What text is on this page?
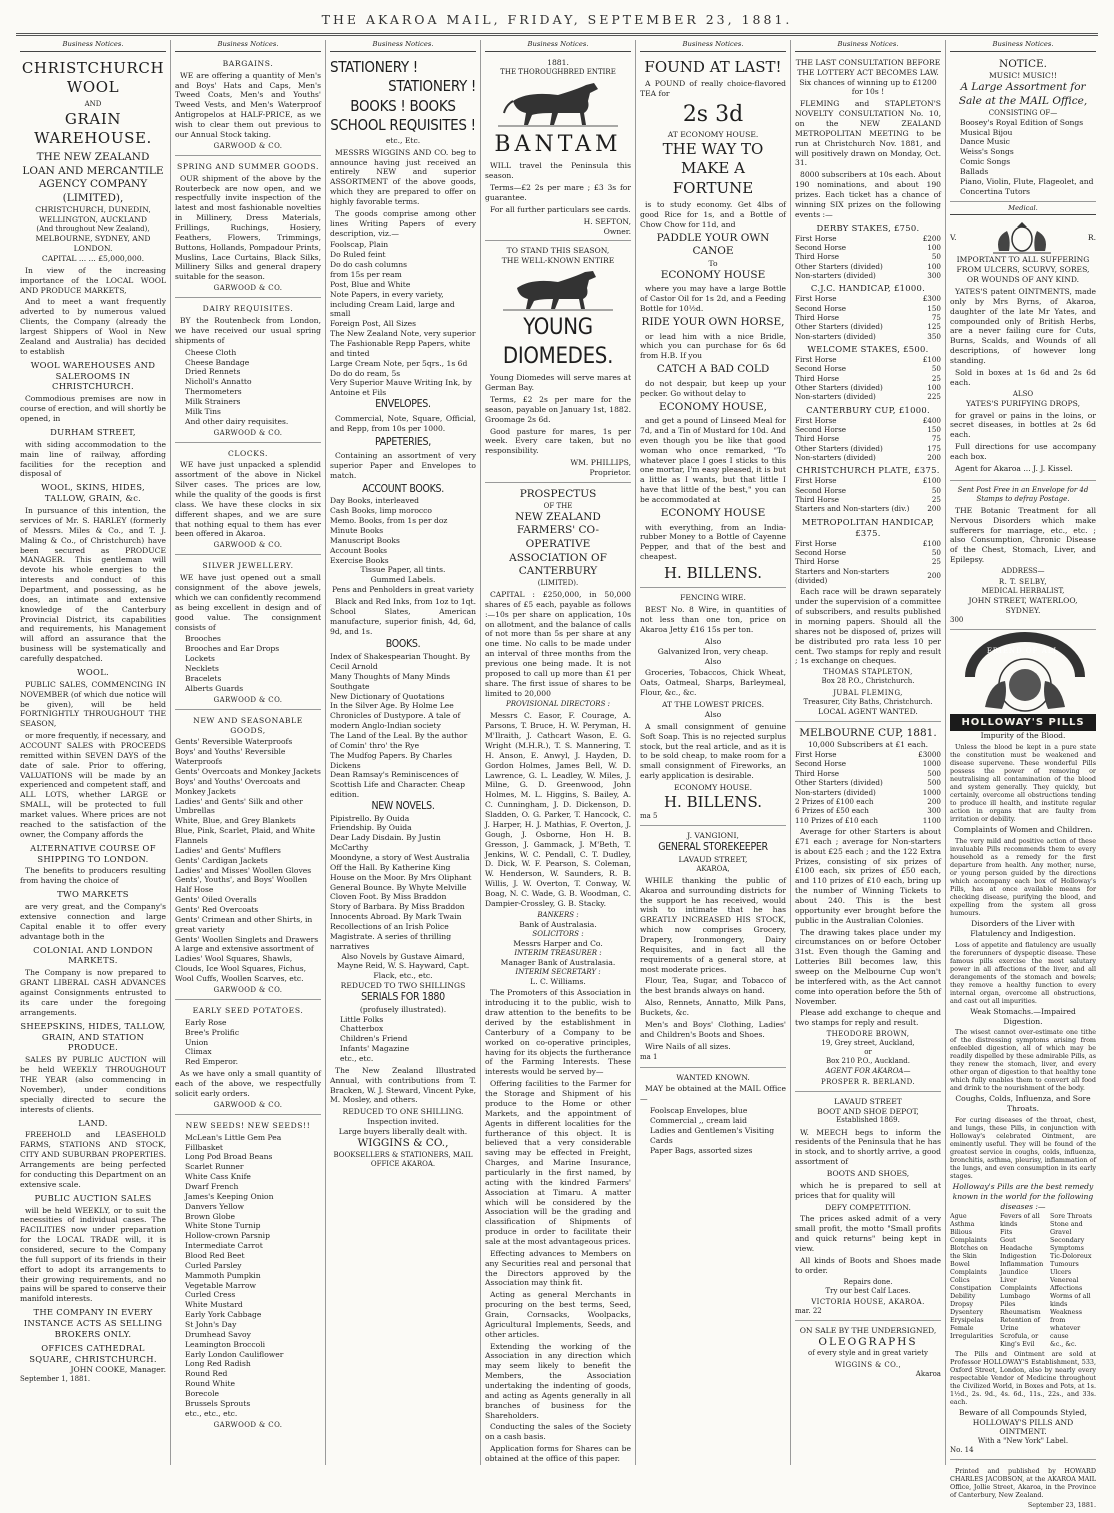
THE AKAROA MAIL, FRIDAY, SEPTEMBER 23, 1881.
Business Notices.
CHRISTCHURCH WOOL
AND
GRAIN WAREHOUSE.
THE NEW ZEALAND LOAN AND MERCANTILE AGENCY COMPANY (LIMITED),
CHRISTCHURCH, DUNEDIN, WELLINGTON, AUCKLAND
(And throughout New Zealand),
MELBOURNE, SYDNEY, AND LONDON.
CAPITAL ... ... £5,000,000.
In view of the increasing importance of the LOCAL WOOL AND PRODUCE MARKETS,
And to meet a want frequently adverted to by numerous valued Clients, the Company (already the largest Shippers of Wool in New Zealand and Australia) has decided to establish
WOOL WAREHOUSES AND SALEROOMS IN CHRISTCHURCH.
Commodious premises are now in course of erection, and will shortly be opened, in
DURHAM STREET,
with siding accommodation to the main line of railway, affording facilities for the reception and disposal of
WOOL, SKINS, HIDES, TALLOW, GRAIN, &c.
In pursuance of this intention, the services of Mr. S. HARLEY (formerly of Messrs. Miles & Co., and T. J. Maling & Co., of Christchurch) have been secured as PRODUCE MANAGER. This gentleman will devote his whole energies to the interests and conduct of this Department, and possessing, as he does, an intimate and extensive knowledge of the Canterbury Provincial District, its capabilities and requirements, his Management will afford an assurance that the business will be systematically and carefully despatched.
WOOL.
PUBLIC SALES, COMMENCING IN NOVEMBER (of which due notice will be given), will be held FORTNIGHTLY THROUGHOUT THE SEASON,
or more frequently, if necessary, and ACCOUNT SALES with PROCEEDS remitted within SEVEN DAYS of the date of sale. Prior to offering, VALUATIONS will be made by an experienced and competent staff, and ALL LOTS, whether LARGE or SMALL, will be protected to full market values. Where prices are not reached to the satisfaction of the owner, the Company affords the
ALTERNATIVE COURSE OF SHIPPING TO LONDON.
The benefits to producers resulting from having the choice of
TWO MARKETS
are very great, and the Company's extensive connection and large Capital enable it to offer every advantage both in the
COLONIAL AND LONDON MARKETS.
The Company is now prepared to GRANT LIBERAL CASH ADVANCES against Consignments entrusted to its care under the foregoing arrangements.
SHEEPSKINS, HIDES, TALLOW, GRAIN, AND STATION PRODUCE.
SALES BY PUBLIC AUCTION will be held WEEKLY THROUGHOUT THE YEAR (also commencing in November), under conditions specially directed to secure the interests of clients.
LAND.
FREEHOLD and LEASEHOLD FARMS, STATIONS AND STOCK, CITY AND SUBURBAN PROPERTIES. Arrangements are being perfected for conducting this Department on an extensive scale.
PUBLIC AUCTION SALES
will be held WEEKLY, or to suit the necessities of individual cases. The FACILITIES now under preparation for the LOCAL TRADE will, it is considered, secure to the Company the full support of its friends in their effort to adopt its arrangements to their growing requirements, and no pains will be spared to conserve their manifold interests.
THE COMPANY IN EVERY INSTANCE ACTS AS SELLING BROKERS ONLY.
OFFICES CATHEDRAL SQUARE, CHRISTCHURCH.
JOHN COOKE, Manager.
September 1, 1881.
Business Notices.
BARGAINS.
WE are offering a quantity of Men's and Boys' Hats and Caps, Men's Tweed Coats, Men's and Youths' Tweed Vests, and Men's Waterproof Antigropelos at HALF-PRICE, as we wish to clear them out previous to our Annual Stock taking.
GARWOOD & CO.
SPRING AND SUMMER GOODS.
OUR shipment of the above by the Routerbeck are now open, and we respectfully invite inspection of the latest and most fashionable novelties in Millinery, Dress Materials, Frillings, Ruchings, Hosiery, Feathers, Flowers, Trimmings, Buttons, Hollands, Pompadour Prints, Muslins, Lace Curtains, Black Silks, Millinery Silks and general drapery suitable for the season.
GARWOOD & CO.
DAIRY REQUISITES.
BY the Routenbeck from London, we have received our usual spring shipments of
Cheese Cloth
Cheese Bandage
Dried Rennets
Nicholl's Annatto
Thermometers
Milk Strainers
Milk Tins
And other dairy requisites.
GARWOOD & CO.
CLOCKS.
WE have just unpacked a splendid assortment of the above in Nickel Silver cases. The prices are low, while the quality of the goods is first class. We have these clocks in six different shapes, and we are sure that nothing equal to them has ever been offered in Akaroa.
GARWOOD & CO.
SILVER JEWELLERY.
WE have just opened out a small consignment of the above jewels, which we can confidently recommend as being excellent in design and of good value. The consignment consists of
Brooches
Brooches and Ear Drops
Lockets
Necklets
Bracelets
Alberts Guards
GARWOOD & CO.
NEW AND SEASONABLE GOODS,
Gents' Reversible Waterproofs
Boys' and Youths' Reversible Waterproofs
Gents' Overcoats and Monkey Jackets
Boys' and Youths' Overcoats and Monkey Jackets
Ladies' and Gents' Silk and other Umbrellas
White, Blue, and Grey Blankets
Blue, Pink, Scarlet, Plaid, and White Flannels
Ladies' and Gents' Mufflers
Gents' Cardigan Jackets
Ladies' and Misses' Woollen Gloves
Gents', Youths', and Boys' Woollen Half Hose
Gents' Oiled Overalls
Gents' Red Overcoats
Gents' Crimean and other Shirts, in great variety
Gents' Woollen Singlets and Drawers
A large and extensive assortment of Ladies' Wool Squares, Shawls, Clouds, Ice Wool Squares, Fichus, Wool Cuffs, Woollen Scarves, etc.
GARWOOD & CO.
EARLY SEED POTATOES.
Early Rose
Bree's Prolific
Union
Climax
Red Emperor.
As we have only a small quantity of each of the above, we respectfully solicit early orders.
GARWOOD & CO.
NEW SEEDS! NEW SEEDS!!
McLean's Little Gem Pea
Fillbasket
Long Pod Broad Beans
Scarlet Runner
White Cass Knife
Dwarf French
James's Keeping Onion
Danvers Yellow
Brown Globe
White Stone Turnip
Hollow-crown Parsnip
Intermediate Carrot
Blood Red Beet
Curled Parsley
Mammoth Pumpkin
Vegetable Marrow
Curled Cress
White Mustard
Early York Cabbage
St John's Day
Drumhead Savoy
Leamington Broccoli
Early London Cauliflower
Long Red Radish
Round Red
Round White
Borecole
Brussels Sprouts
etc., etc., etc.
GARWOOD & CO.
Business Notices.
STATIONERY !
STATIONERY !
BOOKS ! BOOKS
SCHOOL REQUISITES !
etc., Etc.
MESSRS WIGGINS AND CO. beg to announce having just received an entirely NEW and superior ASSORTMENT of the above goods, which they are prepared to offer on highly favorable terms.
The goods comprise among other lines Writing Papers of every description, viz.—
Foolscap, Plain
Do Ruled feint
Do do cash columns
from 15s per ream
Post, Blue and White
Note Papers, in every variety, including Cream Laid, large and small
Foreign Post, All Sizes
The New Zealand Note, very superior
The Fashionable Repp Papers, white and tinted
Large Cream Note, per 5qrs., 1s 6d
Do do do ream, 5s
Very Superior Mauve Writing Ink, by Antoine et Fils
ENVELOPES.
Commercial, Note, Square, Official, and Repp, from 10s per 1000.
PAPETERIES,
Containing an assortment of very superior Paper and Envelopes to match.
ACCOUNT BOOKS.
Day Books, interleaved
Cash Books, limp morocco
Memo. Books, from 1s per doz
Minute Books
Manuscript Books
Account Books
Exercise Books
Tissue Paper, all tints.
Gummed Labels.
Pens and Penholders in great variety
Black and Red Inks, from 1oz to 1qt. School Slates, American manufacture, superior finish, 4d, 6d, 9d, and 1s.
BOOKS.
Index of Shakespearian Thought. By Cecil Arnold
Many Thoughts of Many Minds Southgate
New Dictionary of Quotations
In the Silver Age. By Holme Lee
Chronicles of Dustypore. A tale of modern Anglo-Indian society
The Land of the Leal. By the author of Comin' thro' the Rye
The Mudfog Papers. By Charles Dickens
Dean Ramsay's Reminiscences of Scottish Life and Character. Cheap edition.
NEW NOVELS.
Pipistrello. By Ouida
Friendship. By Ouida
Dear Lady Disdain. By Justin McCarthy
Moondyne, a story of West Australia
Off the Hall. By Katherine King
House on the Moor. By Mrs Oliphant
General Bounce. By Whyte Melville
Cloven Foot. By Miss Braddon
Story of Barbara. By Miss Braddon
Innocents Abroad. By Mark Twain
Recollections of an Irish Police Magistrate. A series of thrilling narratives
Also Novels by Gustave Aimard, Mayne Reid, W. S. Hayward, Capt. Flack, etc., etc.
REDUCED TO TWO SHILLINGS
SERIALS FOR 1880
(profusely illustrated).
Little Folks
Chatterbox
Children's Friend
Infants' Magazine
etc., etc.
The New Zealand Illustrated Annual, with contributions from T. Bracken, W. J. Steward, Vincent Pyke, M. Mosley, and others.
REDUCED TO ONE SHILLING.
Inspection invited.
Large buyers liberally dealt with.
WIGGINS & CO.,
BOOKSELLERS & STATIONERS, MAIL OFFICE AKAROA.
Business Notices.
1881.
THE THOROUGHBRED ENTIRE
BANTAM
WILL travel the Peninsula this season.
Terms—£2 2s per mare ; £3 3s for guarantee.
For all further particulars see cards.
H. SEFTON,
Owner.
TO STAND THIS SEASON,
THE WELL-KNOWN ENTIRE
YOUNG DIOMEDES.
Young Diomedes will serve mares at German Bay.
Terms, £2 2s per mare for the season, payable on January 1st, 1882. Groomage 2s 6d.
Good pasture for mares, 1s per week. Every care taken, but no responsibility.
WM. PHILLIPS,
Proprietor.
PROSPECTUS
OF THE
NEW ZEALAND FARMERS' CO-OPERATIVE ASSOCIATION OF CANTERBURY
(LIMITED).
CAPITAL : £250,000, in 50,000 shares of £5 each, payable as follows :—10s per share on application, 10s on allotment, and the balance of calls of not more than 5s per share at any one time. No calls to be made under an interval of three months from the previous one being made. It is not proposed to call up more than £1 per share. The first issue of shares to be limited to 20,000
PROVISIONAL DIRECTORS :
Messrs C. Easor, F. Courage, A. Parsons, T. Bruce, H. W. Peryman, H. M'Ilraith, J. Cathcart Wason, E. G. Wright (M.H.R.), T. S. Mannering, T. H. Anson, E. Anwyl, J. Hayden, D. Gordon Holmes, James Bell, W. D. Lawrence, G. L. Leadley, W. Miles, J. Milne, G. D. Greenwood, John Holmes, M. L. Higgins, S. Bailey, A. C. Cunningham, J. D. Dickenson, D. Sladden, O. G. Parker, T. Hancock, C. J. Harper, H. J. Mathias, F. Overton, J. Gough, J. Osborne, Hon H. B. Gresson, J. Gammack, J. M'Beth, T. Jenkins, W. C. Pendall, C. T. Dudley, D. Dick, W. F. Pearson, S. Coleman, W. Henderson, W. Saunders, R. B. Willis, J. W. Overton, T. Conway, W. Boag, N. C. Wade, G. B. Woodman, C. Dampier-Crossley, G. B. Stacky.
BANKERS :
Bank of Australasia.
SOLICITORS :
Messrs Harper and Co.
INTERIM TREASURER :
Manager Bank of Australasia.
INTERIM SECRETARY :
L. C. Williams.
The Promoters of this Association in introducing it to the public, wish to draw attention to the benefits to be derived by the establishment in Canterbury of a Company to be worked on co-operative principles, having for its objects the furtherance of the Farming Interests. These interests would be served by—
Offering facilities to the Farmer for the Storage and Shipment of his produce to the Home or other Markets, and the appointment of Agents in different localities for the furtherance of this object. It is believed that a very considerable saving may be effected in Freight, Charges, and Marine Insurance, particularly in the first named, by acting with the kindred Farmers' Association at Timaru. A matter which will be considered by the Association will be the grading and classification of Shipments of produce in order to facilitate their sale at the most advantageous prices.
Effecting advances to Members on any Securities real and personal that the Directors approved by the Association may think fit.
Acting as general Merchants in procuring on the best terms, Seed, Grain, Cornsacks, Woolpacks, Agricultural Implements, Seeds, and other articles.
Extending the working of the Association in any direction which may seem likely to benefit the Members, the Association undertaking the indenting of goods, and acting as Agents generally in all branches of business for the Shareholders.
Conducting the sales of the Society on a cash basis.
Application forms for Shares can be obtained at the office of this paper.
Business Notices.
FOUND AT LAST!
A POUND of really choice-flavored TEA for
2s 3d
AT ECONOMY HOUSE.
THE WAY TO MAKE A FORTUNE
is to study economy. Get 4lbs of good Rice for 1s, and a Bottle of Chow Chow for 11d, and
PADDLE YOUR OWN CANOE
To
ECONOMY HOUSE
where you may have a large Bottle of Castor Oil for 1s 2d, and a Feeding Bottle for 10½d.
RIDE YOUR OWN HORSE,
or lead him with a nice Bridle, which you can purchase for 6s 6d from H.B. If you
CATCH A BAD COLD
do not despair, but keep up your pecker. Go without delay to
ECONOMY HOUSE,
and get a pound of Linseed Meal for 7d, and a Tin of Mustard for 10d. And even though you be like that good woman who once remarked, "To whatever place I goes I sticks to this one mortar, I'm easy pleased, it is but a little as I wants, but that little I have that little of the best," you can be accommodated at
ECONOMY HOUSE
with everything, from an India-rubber Money to a Bottle of Cayenne Pepper, and that of the best and cheapest.
H. BILLENS.
FENCING WIRE.
BEST No. 8 Wire, in quantities of not less than one ton, price on Akaroa Jetty £16 15s per ton.
Also
Galvanized Iron, very cheap.
Also
Groceries, Tobaccos, Chick Wheat, Oats, Oatmeal, Sharps, Barleymeal, Flour, &c., &c.
AT THE LOWEST PRICES.
Also
A small consignment of genuine Soft Soap. This is no rejected surplus stock, but the real article, and as it is to be sold cheap, to make room for a small consignment of Fireworks, an early application is desirable.
ECONOMY HOUSE.
H. BILLENS.
ma 5
J. VANGIONI,
GENERAL STOREKEEPER
LAVAUD STREET,
AKAROA,
WHILE thanking the public of Akaroa and surrounding districts for the support he has received, would wish to intimate that he has GREATLY INCREASED HIS STOCK, which now comprises Grocery, Drapery, Ironmongery, Dairy Requisites, and in fact all the requirements of a general store, at most moderate prices.
Flour, Tea, Sugar, and Tobacco of the best brands always on hand.
Also, Rennets, Annatto, Milk Pans, Buckets, &c.
Men's and Boys' Clothing, Ladies' and Children's Boots and Shoes.
Wire Nails of all sizes.
ma 1
WANTED KNOWN.
MAY be obtained at the MAIL Office—
Foolscap Envelopes, blue
Commercial ,, cream laid
Ladies and Gentlemen's Visiting Cards
Paper Bags, assorted sizes
Business Notices.
THE LAST CONSULTATION BEFORE THE LOTTERY ACT BECOMES LAW.
Six chances of winning up to £1200 for 10s !
FLEMING and STAPLETON'S NOVELTY CONSULTATION No. 10, on the NEW ZEALAND METROPOLITAN MEETING to be run at Christchurch Nov. 1881, and will positively drawn on Monday, Oct. 31.
8000 subscribers at 10s each. About 190 nominations, and about 190 prizes. Each ticket has a chance of winning SIX prizes on the following events :—
DERBY STAKES, £750.
First Horse	£200
Second Horse	100
Third Horse	50
Other Starters (divided)	100
Non-starters (divided)	300
C.J.C. HANDICAP, £1000.
First Horse	£300
Second Horse	150
Third Horse	75
Other Starters (divided)	125
Non-starters (divided)	350
WELCOME STAKES, £500.
First Horse	£100
Second Horse	50
Third Horse	25
Other Starters (divided)	100
Non-starters (divided)	225
CANTERBURY CUP, £1000.
First Horse	£400
Second Horse	150
Third Horse	75
Other Starters (divided)	175
Non-starters (divided)	200
CHRISTCHURCH PLATE, £375.
First Horse	£100
Second Horse	50
Third Horse	25
Starters and Non-starters (div.)	200
METROPOLITAN HANDICAP, £375.
First Horse	£100
Second Horse	50
Third Horse	25
Starters and Non-starters (divided)	200
Each race will be drawn separately under the supervision of a committee of subscribers, and results published in morning papers. Should all the shares not be disposed of, prizes will be distributed pro rata less 10 per cent. Two stamps for reply and result ; 1s exchange on cheques.
THOMAS STAPLETON,
Box 28 P.O., Christchurch.
JUBAL FLEMING,
Treasurer, City Baths, Christchurch.
LOCAL AGENT WANTED.
MELBOURNE CUP, 1881.
10,000 Subscribers at £1 each.
First Horse	£3000
Second Horse	1000
Third Horse	500
Other Starters (divided)	500
Non-starters (divided)	1000
2 Prizes of £100 each	200
6 Prizes of £50 each	300
110 Prizes of £10 each	1100
Average for other Starters is about £71 each ; average for Non-starters is about £25 each ; and the 122 Extra Prizes, consisting of six prizes of £100 each, six prizes of £50 each, and 110 prizes of £10 each, bring up the number of Winning Tickets to about 240. This is the best opportunity ever brought before the public in the Australian Colonies.
The drawing takes place under my circumstances on or before October 31st. Even though the Gaming and Lotteries Bill becomes law, this sweep on the Melbourne Cup won't be interfered with, as the Act cannot come into operation before the 5th of November.
Please add exchange to cheque and two stamps for reply and result.
THEODORE BROWN,
19, Grey street, Auckland,
or
Box 210 P.O., Auckland.
AGENT FOR AKAROA—
PROSPER R. BERLAND.
LAVAUD STREET
BOOT AND SHOE DEPOT,
Established 1869.
W. MEECH begs to inform the residents of the Peninsula that he has in stock, and to shortly arrive, a good assortment of
BOOTS AND SHOES,
which he is prepared to sell at prices that for quality will
DEFY COMPETITION.
The prices asked admit of a very small profit, the motto "Small profits and quick returns" being kept in view.
All kinds of Boots and Shoes made to order.
Repairs done.
Try our best Calf Laces.
VICTORIA HOUSE, AKAROA.
mar. 22
ON SALE BY THE UNDERSIGNED,
OLEOGRAPHS
of every style and in great variety
WIGGINS & CO.,
Akaroa
Business Notices.
NOTICE.
MUSIC! MUSIC!!
A Large Assortment for Sale at the MAIL Office,
CONSISTING OF—
Boosey's Royal Edition of Songs
Musical Bijou
Dance Music
Weiss's Songs
Comic Songs
Ballads
Piano, Violin, Flute, Flageolet, and Concertina Tutors
Medical.
V.	R.
IMPORTANT TO ALL SUFFERING FROM ULCERS, SCURVY, SORES, OR WOUNDS OF ANY KIND.
YATES'S patent OINTMENTS, made only by Mrs Byrns, of Akaroa, daughter of the late Mr Yates, and compounded only of British Herbs, are a never failing cure for Cuts, Burns, Scalds, and Wounds of all descriptions, of however long standing.
Sold in boxes at 1s 6d and 2s 6d each.
ALSO
YATES'S PURIFYING DROPS,
for gravel or pains in the loins, or secret diseases, in bottles at 2s 6d each.
Full directions for use accompany each box.
Agent for Akaroa ... J. J. Kissel.
Sent Post Free in an Envelope for 4d Stamps to defray Postage.
THE Botanic Treatment for all Nervous Disorders which make sufferers for marriage, etc., etc. ; also Consumption, Chronic Disease of the Chest, Stomach, Liver, and Epilepsy.
ADDRESS—
R. T. SELBY,
MEDICAL HERBALIST,
JOHN STREET, WATERLOO, SYDNEY.
300
FRIEND OF ALL
HOLLOWAY'S PILLS
Impurity of the Blood.
Unless the blood be kept in a pure state the constitution must be weakened and disease supervene. These wonderful Pills possess the power of removing or neutralising all contamination of the blood and system generally. They quickly, but certainly, overcome all obstructions tending to produce ill health, and institute regular action in organs that are faulty from irritation or debility.
Complaints of Women and Children.
The very mild and positive action of these invaluable Pills recommends them to every household as a remedy for the first departure from health. Any mother, nurse, or young person guided by the directions which accompany each box of Holloway's Pills, has at once available means for checking disease, purifying the blood, and expelling from the system all gross humours.
Disorders of the Liver with Flatulency and Indigestion.
Loss of appetite and flatulency are usually the forerunners of dyspeptic disease. These famous pills exercise the most salutary power in all affections of the liver, and all derangements of the stomach and bowels; they remove a healthy function to every internal organ, overcome all obstructions, and cast out all impurities.
Weak Stomachs.—Impaired Digestion.
The wisest cannot over-estimate one tithe of the distressing symptoms arising from enfeebled digestion, all of which may be readily dispelled by these admirable Pills, as they renew the stomach, liver, and every other organ of digestion to that healthy tone which fully enables them to convert all food and drink to the nourishment of the body.
Coughs, Colds, Influenza, and Sore Throats.
For curing diseases of the throat, chest, and lungs, these Pills, in conjunction with Holloway's celebrated Ointment, are eminently useful. They will be found of the greatest service in coughs, colds, influenza, bronchitis, asthma, pleurisy, inflammation of the lungs, and even consumption in its early stages.
Holloway's Pills are the best remedy known in the world for the following diseases :—
Ague
Asthma
Bilious Complaints
Blotches on the Skin
Bowel Complaints
Colics
Constipation
Debility
Dropsy
Dysentery
Erysipelas
Female Irregularities
Fevers of all kinds
Fits
Gout
Headache
Indigestion
Inflammation
Jaundice
Liver Complaints
Lumbago
Piles
Rheumatism
Retention of Urine
Scrofula, or King's Evil
Sore Throats
Stone and Gravel
Secondary Symptoms
Tic-Doloreux
Tumours
Ulcers
Venereal Affections
Worms of all kinds
Weakness from whatever cause
&c., &c.
The Pills and Ointment are sold at Professor HOLLOWAY'S Establishment, 533, Oxford Street, London, also by nearly every respectable Vendor of Medicine throughout the Civilized World, in Boxes and Pots, at 1s. 1½d., 2s. 9d., 4s. 6d., 11s., 22s., and 33s. each.
Beware of all Compounds Styled,
HOLLOWAY'S PILLS AND OINTMENT.
With a "New York" Label.
No. 14
Printed and published by HOWARD CHARLES JACOBSON, at the AKAROA MAIL Office, Jollie Street, Akaroa, in the Province of Canterbury, New Zealand.
September 23, 1881.
